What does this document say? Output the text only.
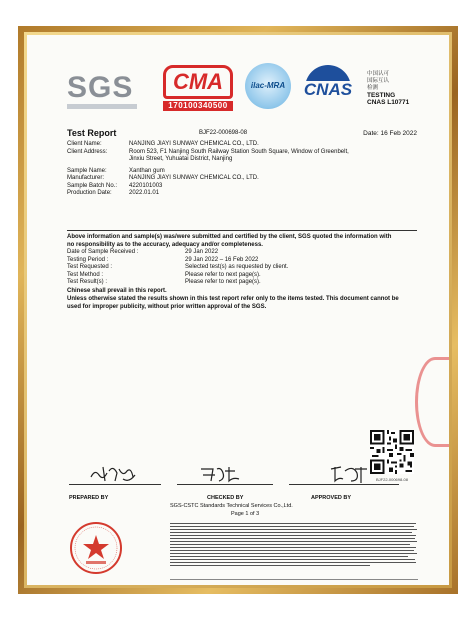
SGS	CMA
170100340500
ilac-MRA	CNAS
中国认可
国际互认
检测
TESTING
CNAS L10771
Test Report	BJF22-000698-08	Date: 16 Feb 2022
Client Name:	NANJING JIAYI SUNWAY CHEMICAL CO., LTD.
Client Address:	Room 523, F1 Nanjing South Railway Station South Square, Window of Greenbelt,
Jinxiu Street, Yuhuatai District, Nanjing
Sample Name:	Xanthan gum
Manufacturer:	NANJING JIAYI SUNWAY CHEMICAL CO., LTD.
Sample Batch No.:	4220101003
Production Date:	2022.01.01
Above information and sample(s) was/were submitted and certified by the client, SGS quoted the information with
no responsibility as to the accuracy, adequacy and/or completeness.
Date of Sample Received :	29 Jan 2022
Testing Period :	29 Jan 2022 – 16 Feb 2022
Test Requested :	Selected test(s) as requested by client.
Test Method :	Please refer to next page(s).
Test Result(s) :	Please refer to next page(s).
Chinese shall prevail in this report.
Unless otherwise stated the results shown in this test report refer only to the items tested. This document cannot be
used for improper publicity, without prior written approval of the SGS.
BJF22-000698-08
PREPARED BY	CHECKED BY	APPROVED BY
SGS-CSTC Standards Technical Services Co.,Ltd.
Page 1 of 3
